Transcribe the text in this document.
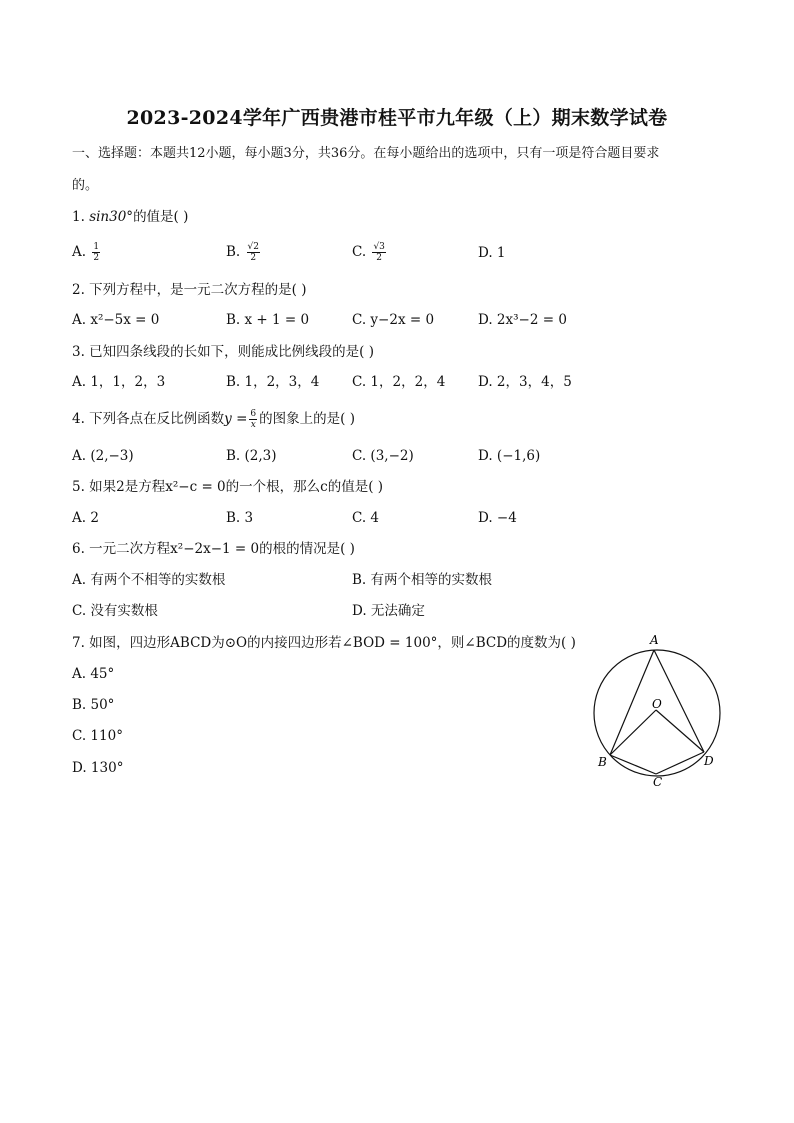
2023-2024学年广西贵港市桂平市九年级（上）期末数学试卷
一、选择题：本题共12小题，每小题3分，共36分。在每小题给出的选项中，只有一项是符合题目要求
的。
1. sin30°的值是( )
A. $\frac{1}{2}$	B. $\frac{√2}{2}$	C. $\frac{√3}{2}$	D. 1
2. 下列方程中，是一元二次方程的是( )
A. x²−5x = 0	B. x + 1 = 0	C. y−2x = 0	D. 2x³−2 = 0
3. 已知四条线段的长如下，则能成比例线段的是( )
A. 1，1，2，3	B. 1，2，3，4 C. 1，2，2，4 D. 2，3，4，5
4. 下列各点在反比例函数$y = \frac{6}{x}$ 的图象上的是( )
A. (2,−3)	B. (2,3)	C. (3,−2)	D. (−1,6)
5. 如果2是方程x²−c = 0的一个根，那么c的值是( )
A. 2	B. 3	C. 4	D. −4
6. 一元二次方程x²−2x−1 = 0的根的情况是( )
A. 有两个不相等的实数根	B. 有两个相等的实数根
C. 没有实数根	D. 无法确定
7. 如图，四边形ABCD为⊙O的内接四边形若∠BOD = 100°，则∠BCD的度数为( )
A. 45°
B. 50°
C. 110°
D. 130°
A
O
B	D
C
